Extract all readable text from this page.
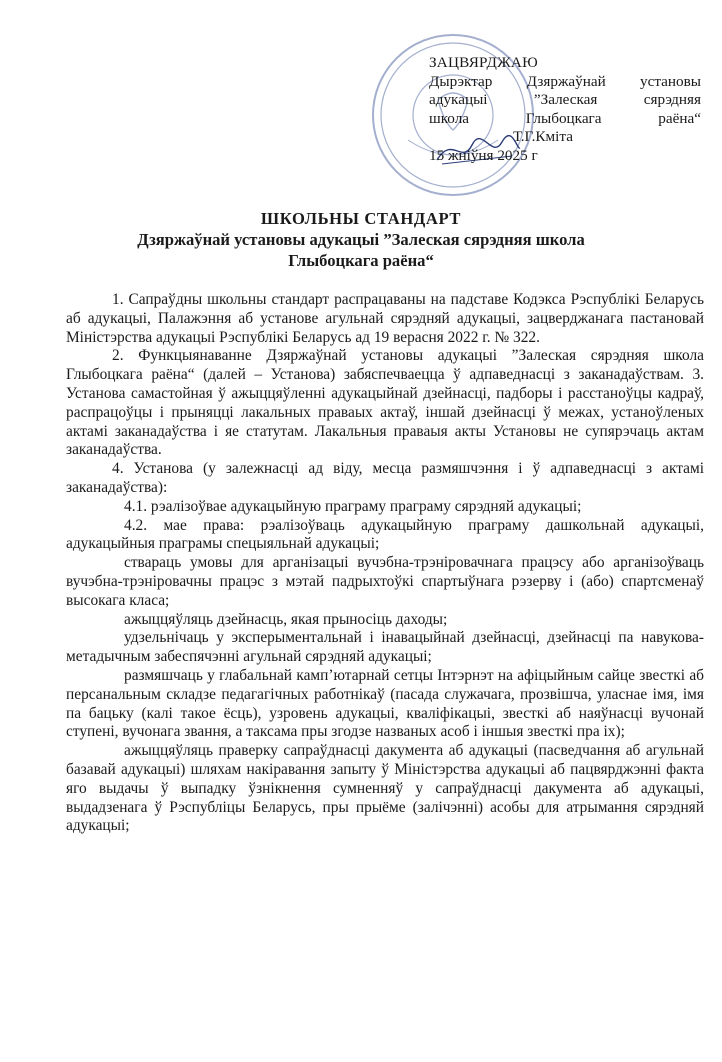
ЗАЦВЯРДЖАЮ
Дырэктар Дзяржаўнай установы
адукацыі ”Залеская сярэдняя
школа Глыбоцкага раёна“
Т.Г.Кміта
15 жніўня 2025 г
ШКОЛЬНЫ СТАНДАРТ
Дзяржаўнай установы адукацыі ”Залеская сярэдняя школа
Глыбоцкага раёна“

1. Сапраўдны школьны стандарт распрацаваны на падставе Кодэкса Рэспублікі Беларусь аб адукацыі, Палажэння аб установе агульнай сярэдняй адукацыі, зацверджанага пастановай Міністэрства адукацыі Рэспублікі Беларусь ад 19 верасня 2022 г. № 322.

2. Функцыянаванне Дзяржаўнай установы адукацыі ”Залеская сярэдняя школа Глыбоцкага раёна“ (далей – Установа) забяспечваецца ў адпаведнасці з заканадаўствам. 3. Установа самастойная ў ажыццяўленні адукацыйнай дзейнасці, падборы і расстаноўцы кадраў, распрацоўцы і прыняцці лакальных праваых актаў, іншай дзейнасці ў межах, устаноўленых актамі заканадаўства і яе статутам. Лакальныя праваыя акты Установы не супярэчаць актам заканадаўства.

4. Установа (у залежнасці ад віду, месца размяшчэння і ў адпаведнасці з актамі заканадаўства):

4.1. рэалізоўвае адукацыйную праграму праграму сярэдняй адукацыі;

4.2. мае права: рэалізоўваць адукацыйную праграму дашкольнай адукацыі, адукацыйныя праграмы спецыяльнай адукацыі;

ствараць умовы для арганізацыі вучэбна-трэніровачнага працэсу або арганізоўваць вучэбна-трэніровачны працэс з мэтай падрыхтоўкі спартыўнага рэзерву і (або) спартсменаў высокага класа;

ажыццяўляць дзейнасць, якая прыносіць даходы;

удзельнічаць у эксперыментальнай і інавацыйнай дзейнасці, дзейнасці па навукова-метадычным забеспячэнні агульнай сярэдняй адукацыі;

размяшчаць у глабальнай камп’ютарнай сетцы Інтэрнэт на афіцыйным сайце звесткі аб персанальным складзе педагагічных работнікаў (пасада служачага, прозвішча, уласнае імя, імя па бацьку (калі такое ёсць), узровень адукацыі, кваліфікацыі, звесткі аб наяўнасці вучонай ступені, вучонага звання, а таксама пры згодзе названых асоб і іншыя звесткі пра іх);

ажыццяўляць праверку сапраўднасці дакумента аб адукацыі (пасведчання аб агульнай базавай адукацыі) шляхам накіравання запыту ў Міністэрства адукацыі аб пацвярджэнні факта яго выдачы ў выпадку ўзнікнення сумненняў у сапраўднасці дакумента аб адукацыі, выдадзенага ў Рэспубліцы Беларусь, пры прыёме (залічэнні) асобы для атрымання сярэдняй адукацыі;
